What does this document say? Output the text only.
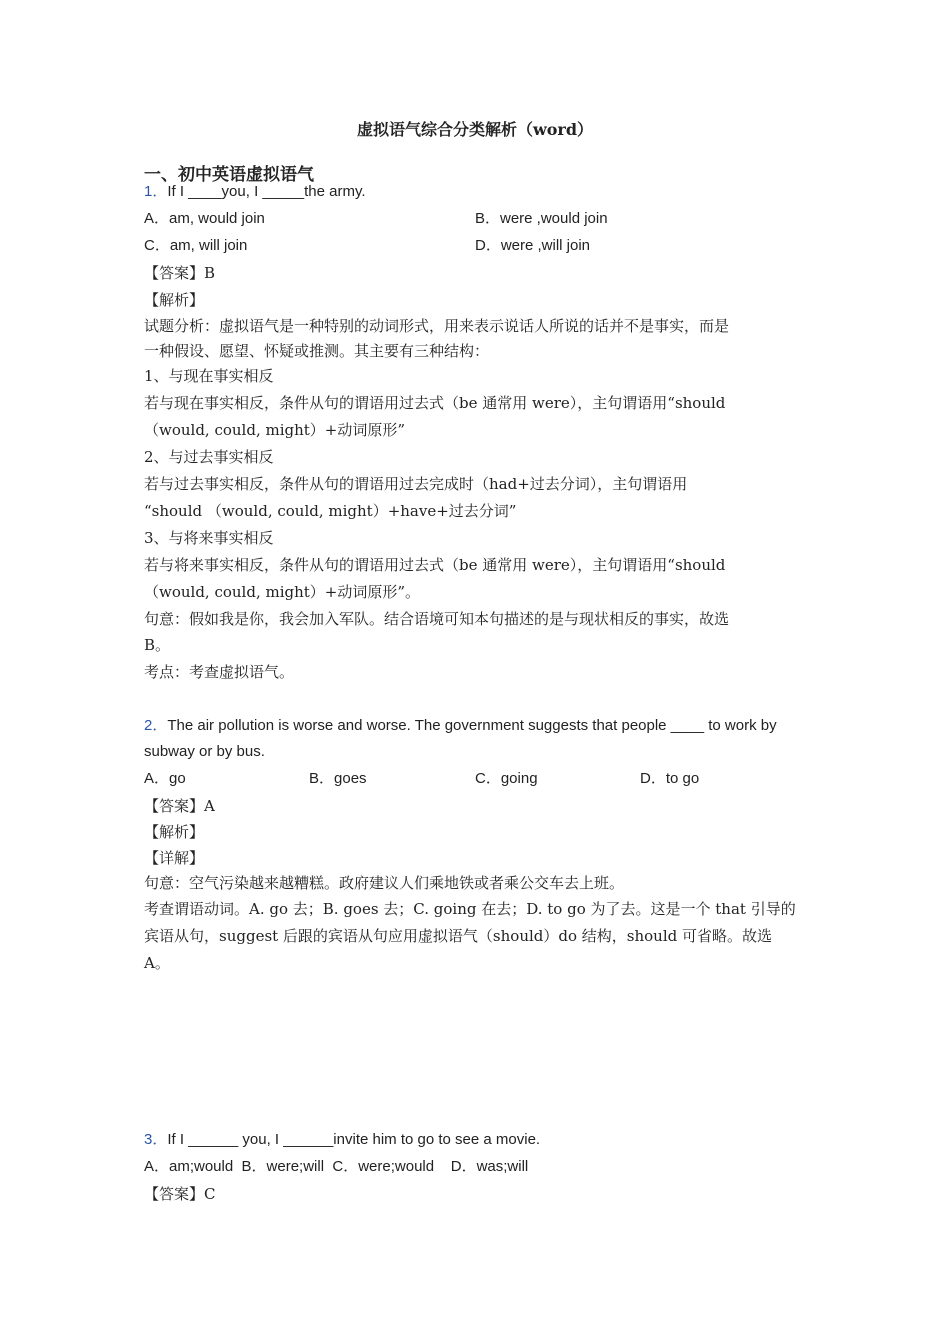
虚拟语气综合分类解析（word）
一、初中英语虚拟语气
1．If I ____you, I _____the army.
A．am, would join	B．were ,would join
C．am, will join	D．were ,will join
【答案】B
【解析】
试题分析：虚拟语气是一种特别的动词形式，用来表示说话人所说的话并不是事实，而是
一种假设、愿望、怀疑或推测。其主要有三种结构：
1、与现在事实相反
若与现在事实相反，条件从句的谓语用过去式（be 通常用 were），主句谓语用“should
（would, could, might）+动词原形”
2、与过去事实相反
若与过去事实相反，条件从句的谓语用过去完成时（had+过去分词），主句谓语用
“should （would, could, might）+have+过去分词”
3、与将来事实相反
若与将来事实相反，条件从句的谓语用过去式（be 通常用 were），主句谓语用“should
（would, could, might）+动词原形”。
句意：假如我是你，我会加入军队。结合语境可知本句描述的是与现状相反的事实，故选
B。
考点：考查虚拟语气。
2．The air pollution is worse and worse. The government suggests that people ____ to work by
subway or by bus.
A．go	B．goes	C．going	D．to go
【答案】A
【解析】
【详解】
句意：空气污染越来越糟糕。政府建议人们乘地铁或者乘公交车去上班。
考查谓语动词。A. go 去；B. goes 去；C. going 在去；D. to go 为了去。这是一个 that 引导的
宾语从句，suggest 后跟的宾语从句应用虚拟语气（should）do 结构，should 可省略。故选
A。
3．If I ______ you, I ______invite him to go to see a movie.
A．am;would  B．were;will  C．were;would    D．was;will
【答案】C
